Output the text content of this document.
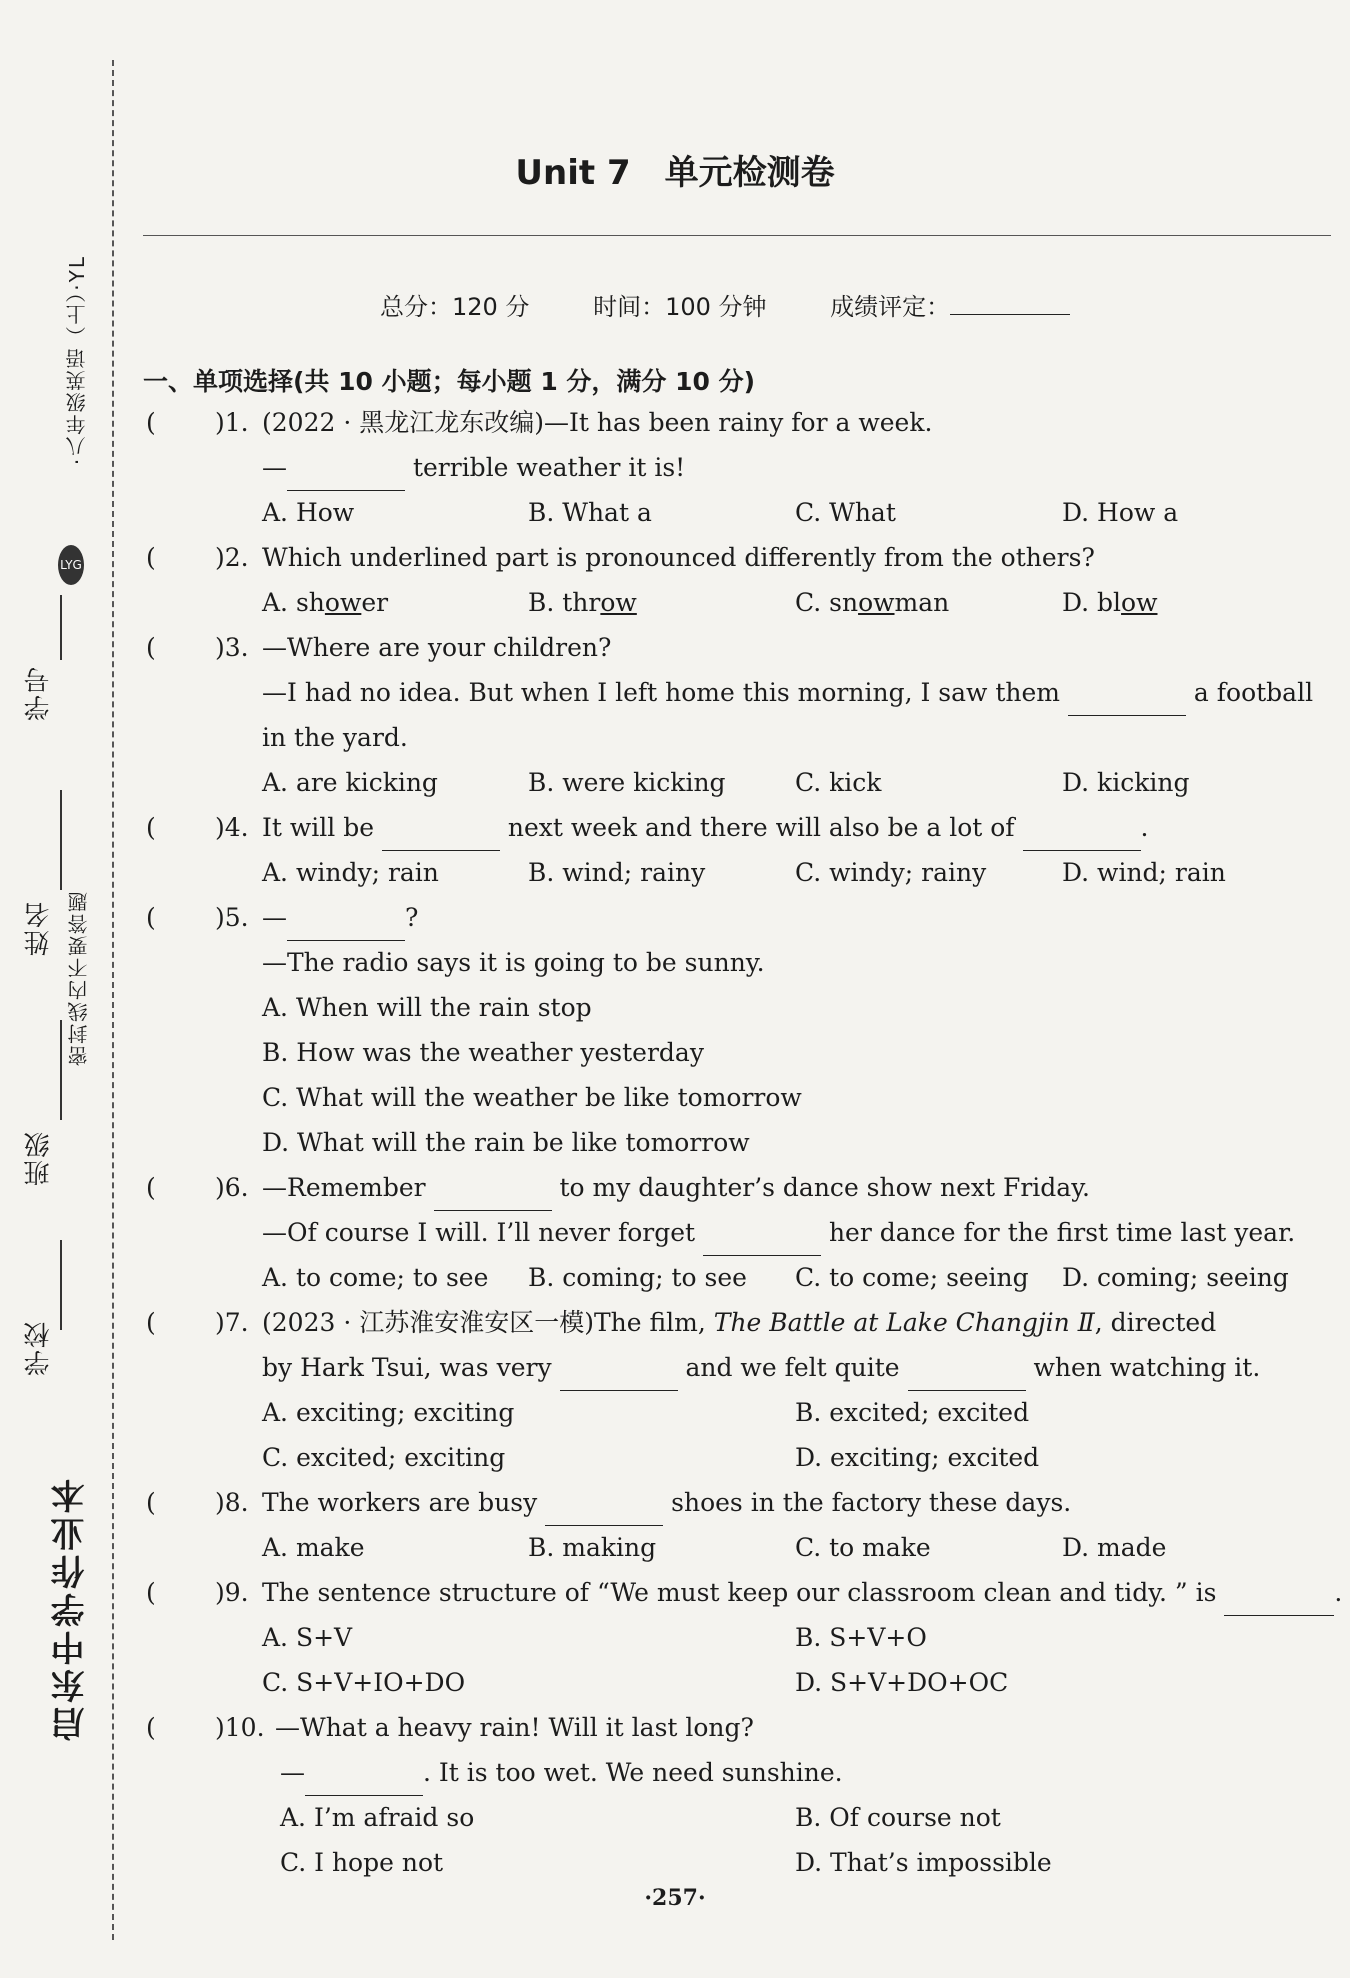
启东中学作业本
学校
班级
姓名
学号
密封线内不要答题
LYG
·八年级英语（上）·YL
Unit 7　单元检测卷
总分：120 分	时间：100 分钟	成绩评定：
一、单项选择(共 10 小题；每小题 1 分，满分 10 分)
( )1. (2022 · 黑龙江龙东改编)—It has been rainy for a week.
—	terrible weather it is!
A. How	B. What a	C. What	D. How a
( )2. Which underlined part is pronounced differently from the others?
A. shower	B. throw	C. snowman	D. blow
( )3. —Where are your children?
—I had no idea. But when I left home this morning, I saw them	a football
in the yard.
A. are kicking	B. were kicking	C. kick	D. kicking
( )4. It will be	next week and there will also be a lot of	.
A. windy; rain	B. wind; rainy	C. windy; rainy	D. wind; rain
( )5. —	?
—The radio says it is going to be sunny.
A. When will the rain stop
B. How was the weather yesterday
C. What will the weather be like tomorrow
D. What will the rain be like tomorrow
( )6. —Remember	to my daughter’s dance show next Friday.
—Of course I will. I’ll never forget	her dance for the first time last year.
A. to come; to see B. coming; to see C. to come; seeing D. coming; seeing
( )7. (2023 · 江苏淮安淮安区一模)The film, The Battle at Lake Changjin Ⅱ, directed
by Hark Tsui, was very	and we felt quite	when watching it.
A. exciting; exciting	B. excited; excited
C. excited; exciting	D. exciting; excited
( )8. The workers are busy	shoes in the factory these days.
A. make	B. making	C. to make	D. made
( )9. The sentence structure of “We must keep our classroom clean and tidy. ” is	.
A. S+V	B. S+V+O
C. S+V+IO+DO	D. S+V+DO+OC
( )10. —What a heavy rain! Will it last long?
—	. It is too wet. We need sunshine.
A. I’m afraid so	B. Of course not
C. I hope not	D. That’s impossible
·257·
